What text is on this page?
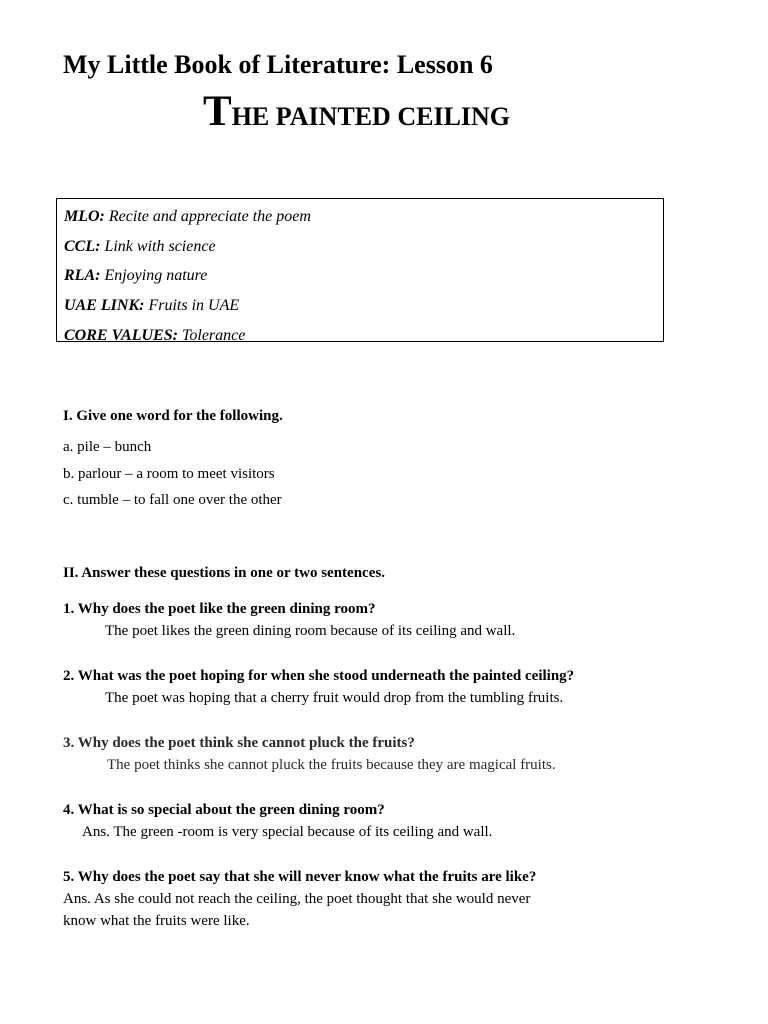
My Little Book of Literature: Lesson 6
THE PAINTED CEILING
MLO: Recite and appreciate the poem
CCL: Link with science
RLA: Enjoying nature
UAE LINK: Fruits in UAE
CORE VALUES: Tolerance
I. Give one word for the following.
a. pile – bunch
b. parlour – a room to meet visitors
c. tumble – to fall one over the other
II. Answer these questions in one or two sentences.
1. Why does the poet like the green dining room?
The poet likes the green dining room because of its ceiling and wall.
2. What was the poet hoping for when she stood underneath the painted ceiling?
The poet was hoping that a cherry fruit would drop from the tumbling fruits.
3. Why does the poet think she cannot pluck the fruits?
The poet thinks she cannot pluck the fruits because they are magical fruits.
4. What is so special about the green dining room?
Ans. The green -room is very special because of its ceiling and wall.
5. Why does the poet say that she will never know what the fruits are like?
Ans. As she could not reach the ceiling, the poet thought that she would never
know what the fruits were like.
